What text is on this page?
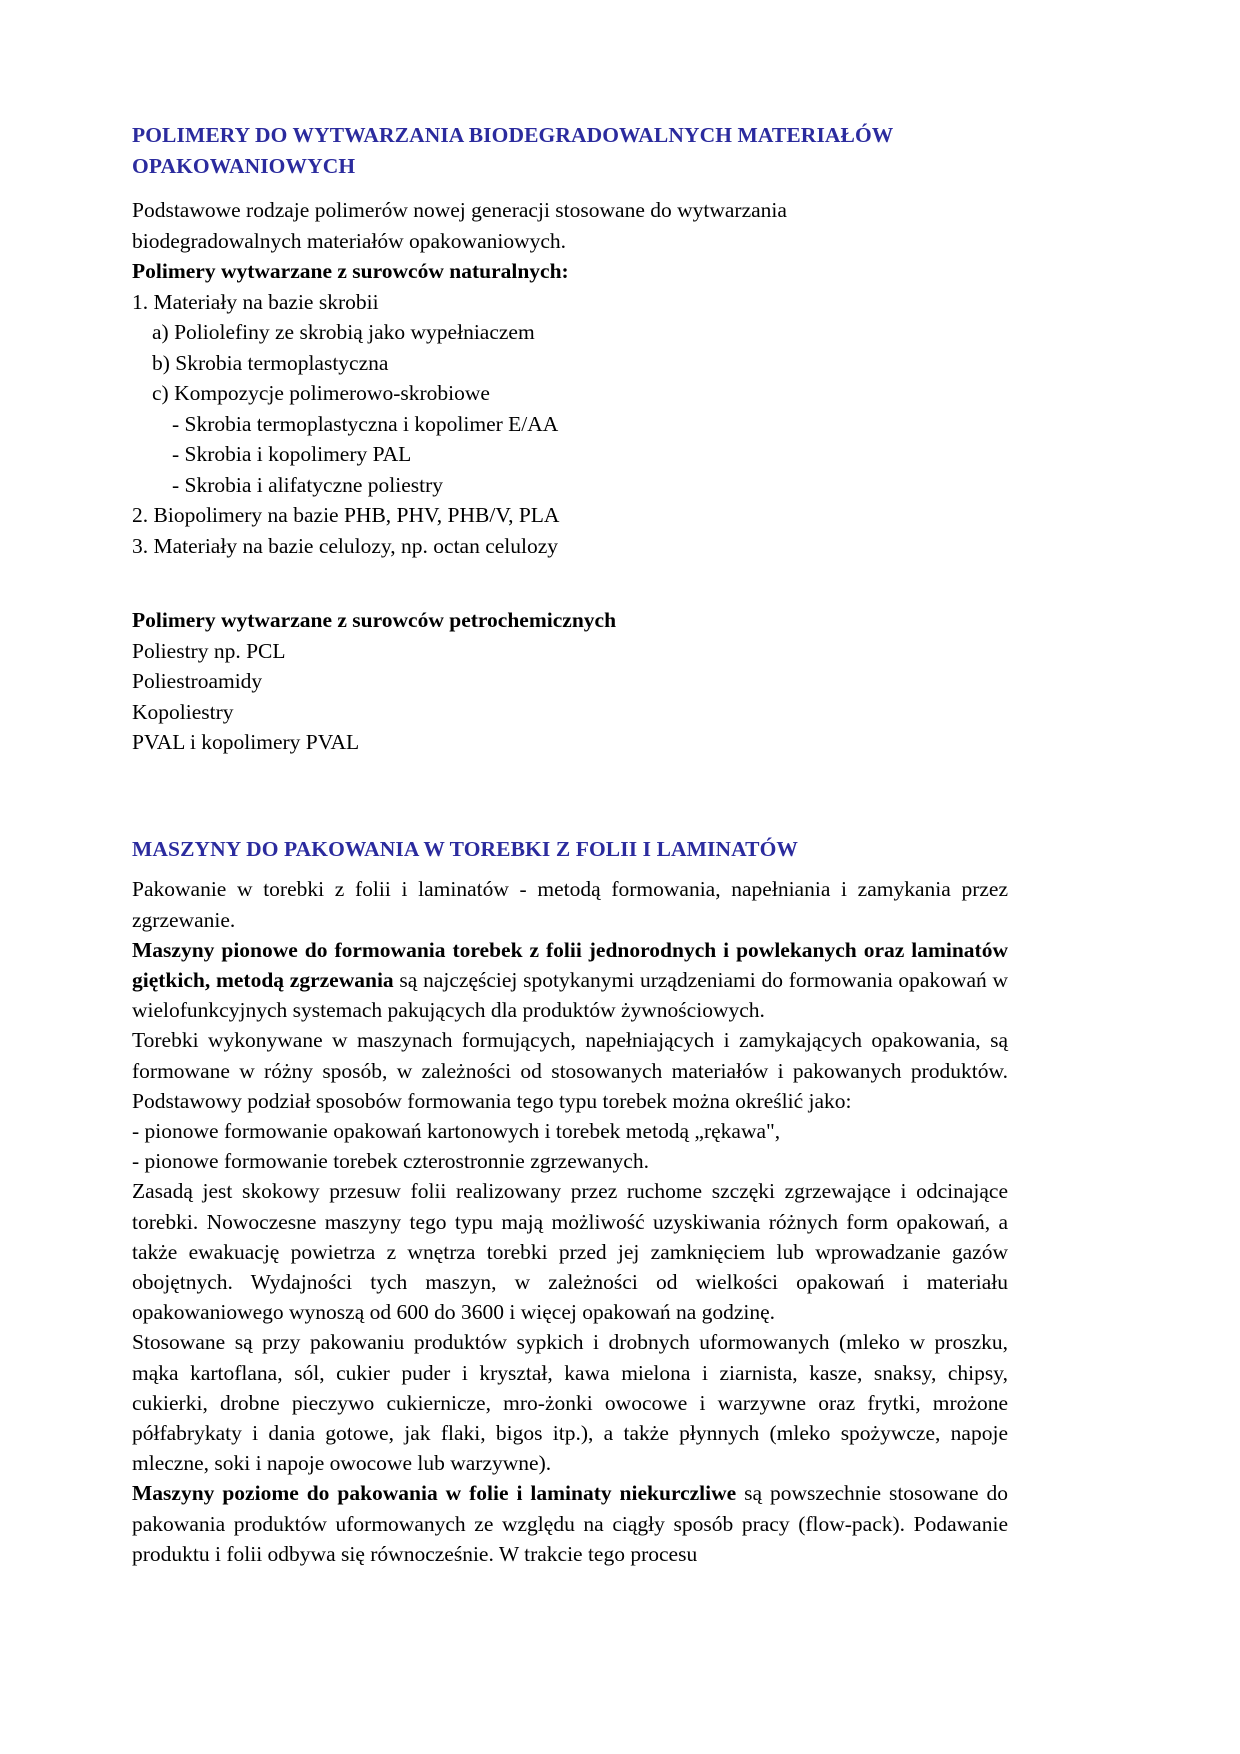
POLIMERY DO WYTWARZANIA BIODEGRADOWALNYCH MATERIAŁÓW OPAKOWANIOWYCH
Podstawowe rodzaje polimerów nowej generacji stosowane do wytwarzania
biodegradowalnych materiałów opakowaniowych.
Polimery wytwarzane z surowców naturalnych:
1. Materiały na bazie skrobii
a) Poliolefiny ze skrobią jako wypełniaczem
b) Skrobia termoplastyczna
c) Kompozycje polimerowo-skrobiowe
- Skrobia termoplastyczna i kopolimer E/AA
- Skrobia i kopolimery PAL
- Skrobia i alifatyczne poliestry
2. Biopolimery na bazie PHB, PHV, PHB/V, PLA
3. Materiały na bazie celulozy, np. octan celulozy
Polimery wytwarzane z surowców petrochemicznych
Poliestry np. PCL
Poliestroamidy
Kopoliestry
PVAL i kopolimery PVAL
MASZYNY DO PAKOWANIA W TOREBKI Z FOLII I LAMINATÓW

Pakowanie w torebki z folii i laminatów - metodą formowania, napełniania i zamykania przez zgrzewanie.

Maszyny pionowe do formowania torebek z folii jednorodnych i powlekanych oraz laminatów giętkich, metodą zgrzewania są najczęściej spotykanymi urządzeniami do formowania opakowań w wielofunkcyjnych systemach pakujących dla produktów żywnościowych.

Torebki wykonywane w maszynach formujących, napełniających i zamykających opakowania, są formowane w różny sposób, w zależności od stosowanych materiałów i pakowanych produktów. Podstawowy podział sposobów formowania tego typu torebek można określić jako:

- pionowe formowanie opakowań kartonowych i torebek metodą „rękawa",

- pionowe formowanie torebek czterostronnie zgrzewanych.

Zasadą jest skokowy przesuw folii realizowany przez ruchome szczęki zgrzewające i odcinające torebki. Nowoczesne maszyny tego typu mają możliwość uzyskiwania różnych form opakowań, a także ewakuację powietrza z wnętrza torebki przed jej zamknięciem lub wprowadzanie gazów obojętnych. Wydajności tych maszyn, w zależności od wielkości opakowań i materiału opakowaniowego wynoszą od 600 do 3600 i więcej opakowań na godzinę.

Stosowane są przy pakowaniu produktów sypkich i drobnych uformowanych (mleko w proszku, mąka kartoflana, sól, cukier puder i kryształ, kawa mielona i ziarnista, kasze, snaksy, chipsy, cukierki, drobne pieczywo cukiernicze, mro-żonki owocowe i warzywne oraz frytki, mrożone półfabrykaty i dania gotowe, jak flaki, bigos itp.), a także płynnych (mleko spożywcze, napoje mleczne, soki i napoje owocowe lub warzywne).

Maszyny poziome do pakowania w folie i laminaty niekurczliwe są powszechnie stosowane do pakowania produktów uformowanych ze względu na ciągły sposób pracy (flow-pack). Podawanie produktu i folii odbywa się równocześnie. W trakcie tego procesu
